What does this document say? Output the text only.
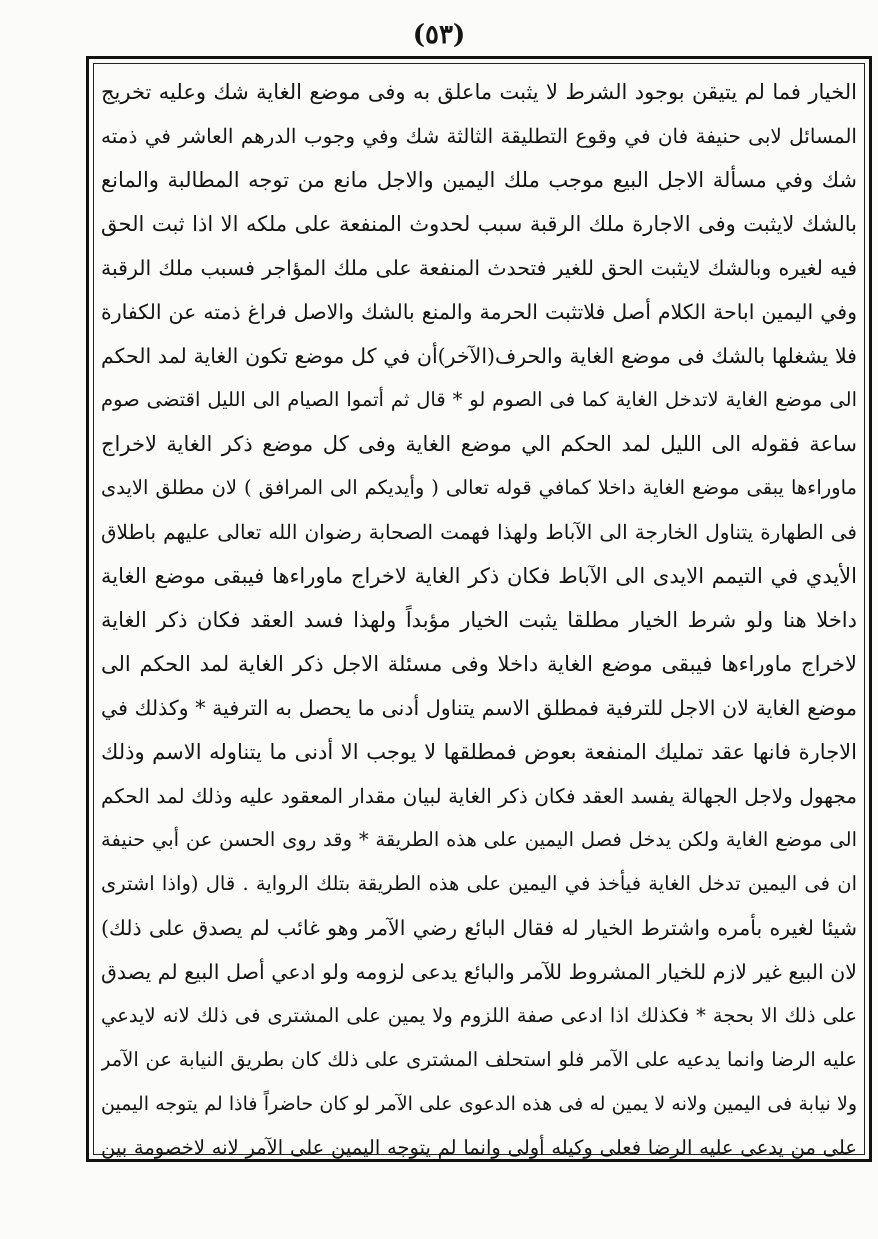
(٥٣)
الخيار فما لم يتيقن بوجود الشرط لا يثبت ماعلق به وفى موضع الغاية شك وعليه تخريج
المسائل لابى حنيفة فان في وقوع التطليقة الثالثة شك وفي وجوب الدرهم العاشر في ذمته
شك وفي مسألة الاجل البيع موجب ملك اليمين والاجل مانع من توجه المطالبة والمانع
بالشك لايثبت وفى الاجارة ملك الرقبة سبب لحدوث المنفعة على ملكه الا اذا ثبت الحق
فيه لغيره وبالشك لايثبت الحق للغير فتحدث المنفعة على ملك المؤاجر فسبب ملك الرقبة
وفي اليمين اباحة الكلام أصل فلاتثبت الحرمة والمنع بالشك والاصل فراغ ذمته عن الكفارة
فلا يشغلها بالشك فى موضع الغاية والحرف(الآخر)أن في كل موضع تكون الغاية لمد الحكم
الى موضع الغاية لاتدخل الغاية كما فى الصوم لو * قال ثم أتموا الصيام الى الليل اقتضى صوم
ساعة فقوله الى الليل لمد الحكم الي موضع الغاية وفى كل موضع ذكر الغاية لاخراج
ماوراءها يبقى موضع الغاية داخلا كمافي قوله تعالى ( وأيديكم الى المرافق ) لان مطلق الايدى
فى الطهارة يتناول الخارجة الى الآباط ولهذا فهمت الصحابة رضوان الله تعالى عليهم باطلاق
الأيدي في التيمم الايدى الى الآباط فكان ذكر الغاية لاخراج ماوراءها فيبقى موضع الغاية
داخلا هنا ولو شرط الخيار مطلقا يثبت الخيار مؤبداً ولهذا فسد العقد فكان ذكر الغاية
لاخراج ماوراءها فيبقى موضع الغاية داخلا وفى مسئلة الاجل ذكر الغاية لمد الحكم الى
موضع الغاية لان الاجل للترفية فمطلق الاسم يتناول أدنى ما يحصل به الترفية * وكذلك في
الاجارة فانها عقد تمليك المنفعة بعوض فمطلقها لا يوجب الا أدنى ما يتناوله الاسم وذلك
مجهول ولاجل الجهالة يفسد العقد فكان ذكر الغاية لبيان مقدار المعقود عليه وذلك لمد الحكم
الى موضع الغاية ولكن يدخل فصل اليمين على هذه الطريقة * وقد روى الحسن عن أبي حنيفة
ان فى اليمين تدخل الغاية فيأخذ في اليمين على هذه الطريقة بتلك الرواية . قال (واذا اشترى
شيئا لغيره بأمره واشترط الخيار له فقال البائع رضي الآمر وهو غائب لم يصدق على ذلك)
لان البيع غير لازم للخيار المشروط للآمر والبائع يدعى لزومه ولو ادعي أصل البيع لم يصدق
على ذلك الا بحجة * فكذلك اذا ادعى صفة اللزوم ولا يمين على المشترى فى ذلك لانه لايدعي
عليه الرضا وانما يدعيه على الآمر فلو استحلف المشترى على ذلك كان بطريق النيابة عن الآمر
ولا نيابة فى اليمين ولانه لا يمين له فى هذه الدعوى على الآمر لو كان حاضراً فاذا لم يتوجه اليمين
على من يدعى عليه الرضا فعلى وكيله أولى وانما لم يتوجه اليمين على الآمر لانه لاخصومة بين
